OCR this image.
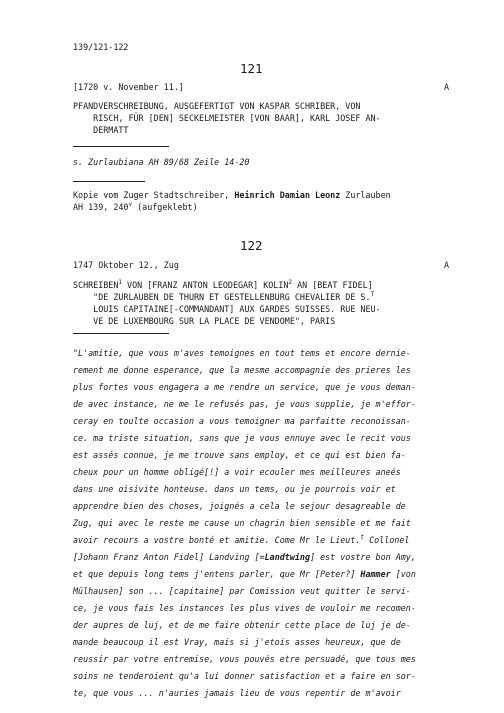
139/121-122
121
[1720 v. November 11.]	A
PFANDVERSCHREIBUNG, AUSGEFERTIGT VON KASPAR SCHRIBER, VON
RISCH, FÜR [DEN] SECKELMEISTER [VON BAAR], KARL JOSEF AN-
DERMATT
s. Zurlaubiana AH 89/68 Zeile 14-20
Kopie vom Zuger Stadtschreiber, Heinrich Damian Leonz Zurlauben
AH 139, 240$^v$ (aufgeklebt)
122
1747 Oktober 12., Zug	A
SCHREIBEN$^1$ VON [FRANZ ANTON LEODEGAR] KOLIN$^2$ AN [BEAT FIDEL]
"DE ZURLAUBEN DE THURN ET GESTELLENBURG CHEVALIER DE S.$^T$
LOUIS CAPITAINE[-COMMANDANT] AUX GARDES SUISSES. RUE NEU-
VE DE LUXEMBOURG SUR LA PLACE DE VENDOME", PARIS
"L'amitie, que vous m'aves temoignes en tout tems et encore dernie-
rement me donne esperance, que la mesme accompagnie des prieres les
plus fortes vous engagera a me rendre un service, que je vous deman-
de avec instance, ne me le refusés pas, je vous supplie, je m'effor-
ceray en toulte occasion a vous temoigner ma parfaitte reconoissan-
ce. ma triste situation, sans que je vous ennuye avec le recit vous
est assés connue, je me trouve sans employ, et ce qui est bien fa-
cheux pour un homme obligé[!] a voir ecouler mes meilleures aneés
dans une oisivite honteuse. dans un tems, ou je pourrois voir et
apprendre bien des choses, joignés a cela le sejour desagreable de
Zug, qui avec le reste me cause un chagrin bien sensible et me fait
avoir recours a vostre bonté et amitie. Come Mr le Lieut.$^t$ Collonel
[Johann Franz Anton Fidel] Landving [=Landtwing] est vostre bon Amy,
et que depuis long tems j'entens parler, que Mr [Peter?] Hammer [von
Mülhausen] son ... [capitaine] par Comission veut quitter le servi-
ce, je vous fais les instances les plus vives de vouloir me recomen-
der aupres de luj, et de me faire obtenir cette place de luj je de-
mande beaucoup il est Vray, mais si j'etois asses heureux, que de
reussir par votre entremise, vous pouvés etre persuadé, que tous mes
soins ne tenderoient qu'a lui donner satisfaction et a faire en sor-
te, que vous ... n'auries jamais lieu de vous repentir de m'avoir
